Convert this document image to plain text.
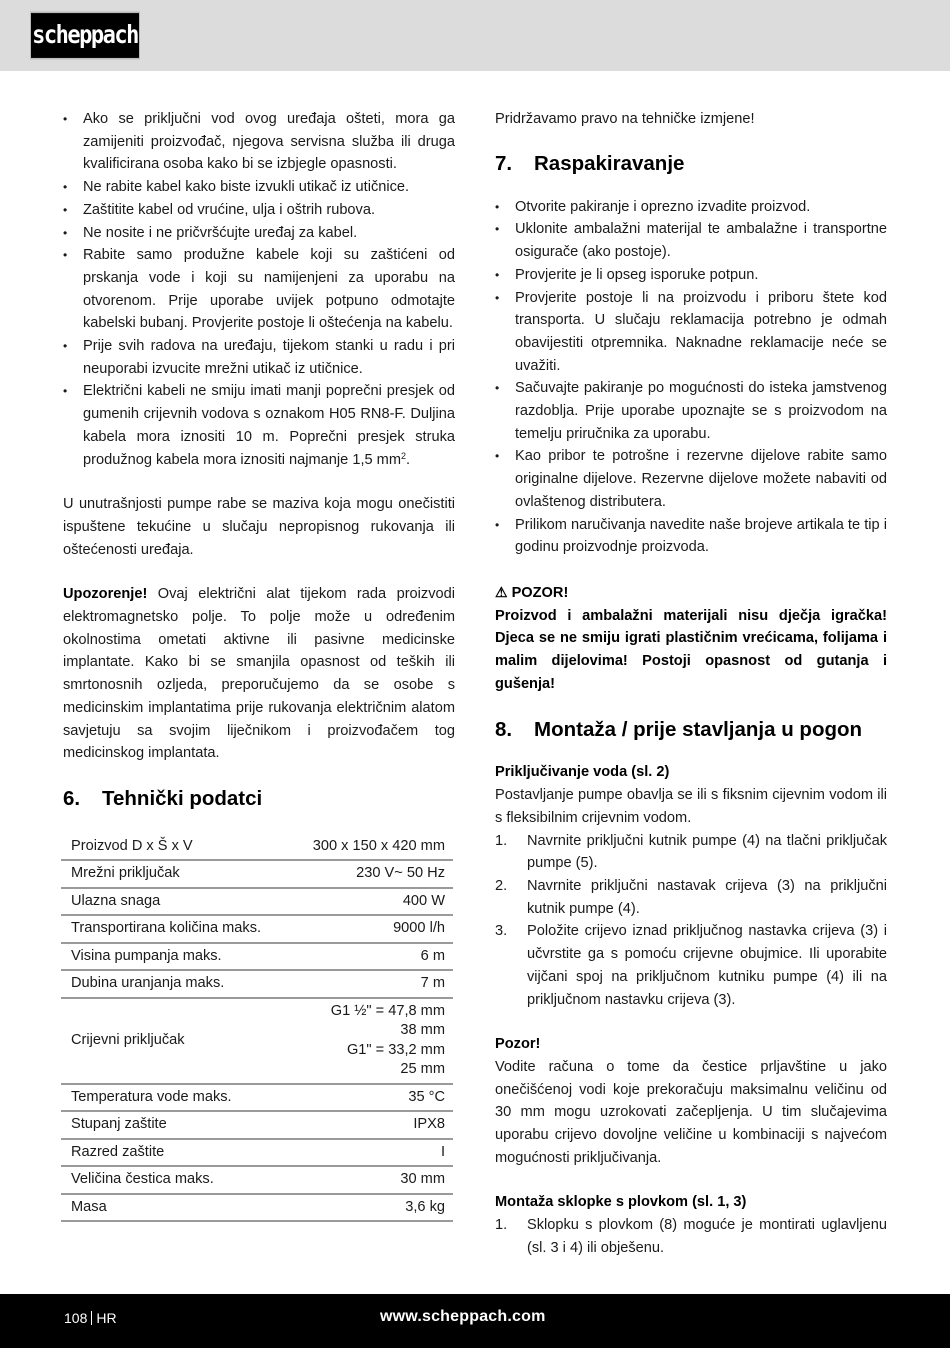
scheppach
• Ako se priključni vod ovog uređaja ošteti, mora ga zamijeniti proizvođač, njegova servisna služba ili druga kvalificirana osoba kako bi se izbjegle opasnosti.
• Ne rabite kabel kako biste izvukli utikač iz utičnice.
• Zaštitite kabel od vrućine, ulja i oštrih rubova.
• Ne nosite i ne pričvršćujte uređaj za kabel.
• Rabite samo produžne kabele koji su zaštićeni od prskanja vode i koji su namijenjeni za uporabu na otvorenom. Prije uporabe uvijek potpuno odmotajte kabelski bubanj. Provjerite postoje li oštećenja na kabelu.
• Prije svih radova na uređaju, tijekom stanki u radu i pri neuporabi izvucite mrežni utikač iz utičnice.
• Električni kabeli ne smiju imati manji poprečni presjek od gumenih crijevnih vodova s oznakom H05 RN8-F. Duljina kabela mora iznositi 10 m. Poprečni presjek struka produžnog kabela mora iznositi najmanje 1,5 $mm^2$.

U unutrašnjosti pumpe rabe se maziva koja mogu onečistiti ispuštene tekućine u slučaju nepropisnog rukovanja ili oštećenosti uređaja.

Upozorenje! Ovaj električni alat tijekom rada proizvodi elektromagnetsko polje. To polje može u određenim okolnostima ometati aktivne ili pasivne medicinske implantate. Kako bi se smanjila opasnost od teških ili smrtonosnih ozljeda, preporučujemo da se osobe s medicinskim implantatima prije rukovanja električnim alatom savjetuju sa svojim liječnikom i proizvođačem tog medicinskog implantata.

6.	Tehnički podatci
Proizvod D x Š x V	300 x 150 x 420 mm
Mrežni priključak	230 V~ 50 Hz
Ulazna snaga	400 W
Transportirana količina maks.	9000 l/h
Visina pumpanja maks.	6 m
Dubina uranjanja maks.	7 m
Crijevni priključak	G1 ½" = 47,8 mm
38 mm
G1" = 33,2 mm
25 mm

Temperatura vode maks.	35 °C
Stupanj zaštite	IPX8
Razred zaštite	I
Veličina čestica maks.	30 mm
Masa	3,6 kg

Pridržavamo pravo na tehničke izmjene!

7.	Raspakiravanje
• Otvorite pakiranje i oprezno izvadite proizvod.
• Uklonite ambalažni materijal te ambalažne i transportne osigurače (ako postoje).
• Provjerite je li opseg isporuke potpun.
• Provjerite postoje li na proizvodu i priboru štete kod transporta. U slučaju reklamacija potrebno je odmah obavijestiti otpremnika. Naknadne reklamacije neće se uvažiti.
• Sačuvajte pakiranje po mogućnosti do isteka jamstvenog razdoblja. Prije uporabe upoznajte se s proizvodom na temelju priručnika za uporabu.
• Kao pribor te potrošne i rezervne dijelove rabite samo originalne dijelove. Rezervne dijelove možete nabaviti od ovlaštenog distributera.
• Prilikom naručivanja navedite naše brojeve artikala te tip i godinu proizvodnje proizvoda.
⚠ POZOR!

Proizvod i ambalažni materijali nisu dječja igračka! Djeca se ne smiju igrati plastičnim vrećicama, folijama i malim dijelovima! Postoji opasnost od gutanja i gušenja!

8.	Montaža / prije stavljanja u pogon
Priključivanje voda (sl. 2)

Postavljanje pumpe obavlja se ili s fiksnim cijevnim vodom ili s fleksibilnim crijevnim vodom.

1. Navrnite priključni kutnik pumpe (4) na tlačni priključak pumpe (5).
2. Navrnite priključni nastavak crijeva (3) na priključni kutnik pumpe (4).
3. Položite crijevo iznad priključnog nastavka crijeva (3) i učvrstite ga s pomoću crijevne obujmice. Ili uporabite vijčani spoj na priključnom kutniku pumpe (4) ili na priključnom nastavku crijeva (3).
Pozor!

Vodite računa o tome da čestice prljavštine u jako onečišćenoj vodi koje prekoračuju maksimalnu veličinu od 30 mm mogu uzrokovati začepljenja. U tim slučajevima uporabu crijevo dovoljne veličine u kombinaciji s najvećom mogućnosti priključivanja.

Montaža sklopke s plovkom (sl. 1, 3)
1. Sklopku s plovkom (8) moguće je montirati uglavljenu (sl. 3 i 4) ili obješenu.
108 HR	www.scheppach.com
